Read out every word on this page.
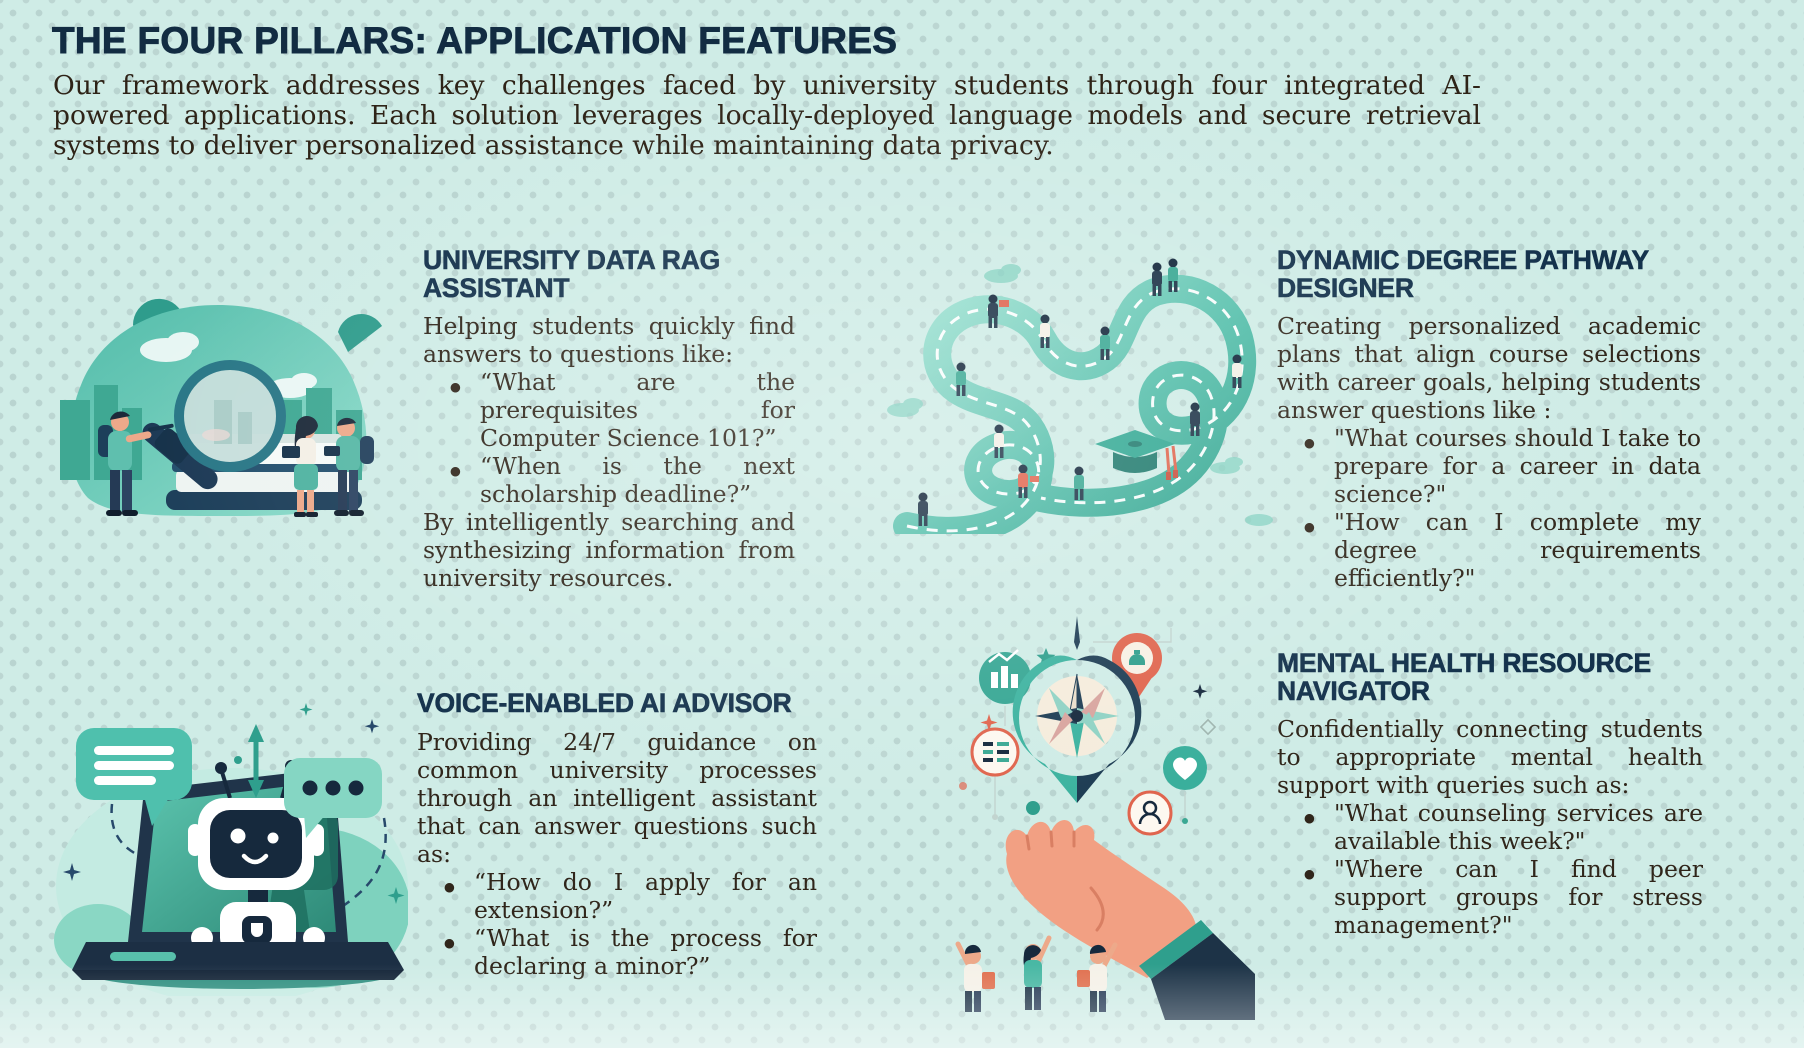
THE FOUR PILLARS: APPLICATION FEATURES

Our framework addresses key challenges faced by university students through four integrated AI-powered applications. Each solution leverages locally-deployed language models and secure retrieval systems to deliver personalized assistance while maintaining data privacy.

UNIVERSITY DATA RAG ASSISTANT

Helping students quickly find answers to questions like:

● “What are the prerequisites for Computer Science 101?”
● “When is the next scholarship deadline?”

By intelligently searching and synthesizing information from university resources.

DYNAMIC DEGREE PATHWAY DESIGNER

Creating personalized academic plans that align course selections with career goals, helping students answer questions like :

● "What courses should I take to prepare for a career in data science?"
● "How can I complete my degree requirements efficiently?"
VOICE-ENABLED AI ADVISOR

Providing 24/7 guidance on common university processes through an intelligent assistant that can answer questions such as:

● “How do I apply for an extension?”
● “What is the process for declaring a minor?”
MENTAL HEALTH RESOURCE NAVIGATOR

Confidentially connecting students to appropriate mental health support with queries such as:

● "What counseling services are available this week?"
● "Where can I find peer support groups for stress management?"
